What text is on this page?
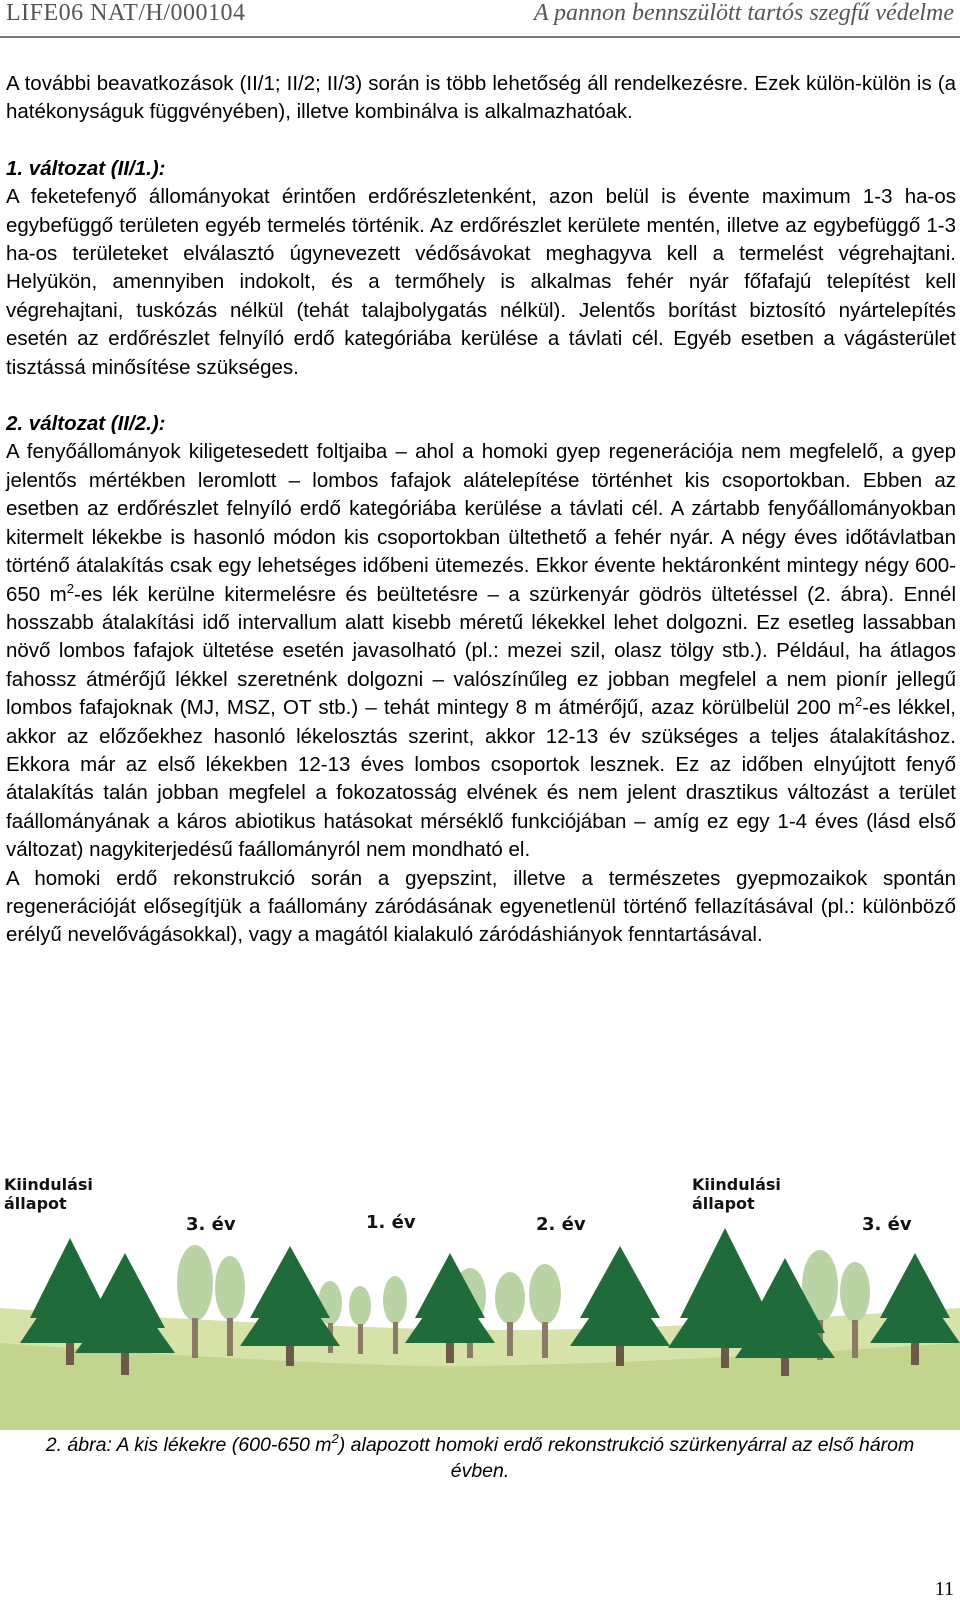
LIFE06 NAT/H/000104	A pannon bennszülött tartós szegfű védelme

A további beavatkozások (II/1; II/2; II/3) során is több lehetőség áll rendelkezésre. Ezek külön-külön is (a hatékonyságuk függvényében), illetve kombinálva is alkalmazhatóak.

1. változat (II/1.):

A feketefenyő állományokat érintően erdőrészletenként, azon belül is évente maximum 1-3 ha-os egybefüggő területen egyéb termelés történik. Az erdőrészlet kerülete mentén, illetve az egybefüggő 1-3 ha-os területeket elválasztó úgynevezett védősávokat meghagyva kell a termelést végrehajtani. Helyükön, amennyiben indokolt, és a termőhely is alkalmas fehér nyár főfafajú telepítést kell végrehajtani, tuskózás nélkül (tehát talajbolygatás nélkül). Jelentős borítást biztosító nyártelepítés esetén az erdőrészlet felnyíló erdő kategóriába kerülése a távlati cél. Egyéb esetben a vágásterület tisztássá minősítése szükséges.

2. változat (II/2.):

A fenyőállományok kiligetesedett foltjaiba – ahol a homoki gyep regenerációja nem megfelelő, a gyep jelentős mértékben leromlott – lombos fafajok alátelepítése történhet kis csoportokban. Ebben az esetben az erdőrészlet felnyíló erdő kategóriába kerülése a távlati cél. A zártabb fenyőállományokban kitermelt lékekbe is hasonló módon kis csoportokban ültethető a fehér nyár. A négy éves időtávlatban történő átalakítás csak egy lehetséges időbeni ütemezés. Ekkor évente hektáronként mintegy négy 600-650 $m^2-es$ lék kerülne kitermelésre és beültetésre – a szürkenyár gödrös ültetéssel (2. ábra). Ennél hosszabb átalakítási idő intervallum alatt kisebb méretű lékekkel lehet dolgozni. Ez esetleg lassabban növő lombos fafajok ültetése esetén javasolható (pl.: mezei szil, olasz tölgy stb.). Például, ha átlagos fahossz átmérőjű lékkel szeretnénk dolgozni – valószínűleg ez jobban megfelel a nem pionír jellegű lombos fafajoknak (MJ, MSZ, OT stb.) – tehát mintegy 8 m átmérőjű, azaz körülbelül 200 $m^2-es$ lékkel, akkor az előzőekhez hasonló lékelosztás szerint, akkor 12-13 év szükséges a teljes átalakításhoz. Ekkora már az első lékekben 12-13 éves lombos csoportok lesznek. Ez az időben elnyújtott fenyő átalakítás talán jobban megfelel a fokozatosság elvének és nem jelent drasztikus változást a terület faállományának a káros abiotikus hatásokat mérséklő funkciójában – amíg ez egy 1-4 éves (lásd első változat) nagykiterjedésű faállományról nem mondható el.

A homoki erdő rekonstrukció során a gyepszint, illetve a természetes gyepmozaikok spontán regenerációját elősegítjük a faállomány záródásának egyenetlenül történő fellazításával (pl.: különböző erélyű nevelővágásokkal), vagy a magától kialakuló záródáshiányok fenntartásával.

Kiindulási
állapot
Kiindulási
állapot
3. év	1. év	2. év	3. év
2. ábra: A kis lékekre (600-650 $m^2$) alapozott homoki erdő rekonstrukció szürkenyárral az első három évben.
11
